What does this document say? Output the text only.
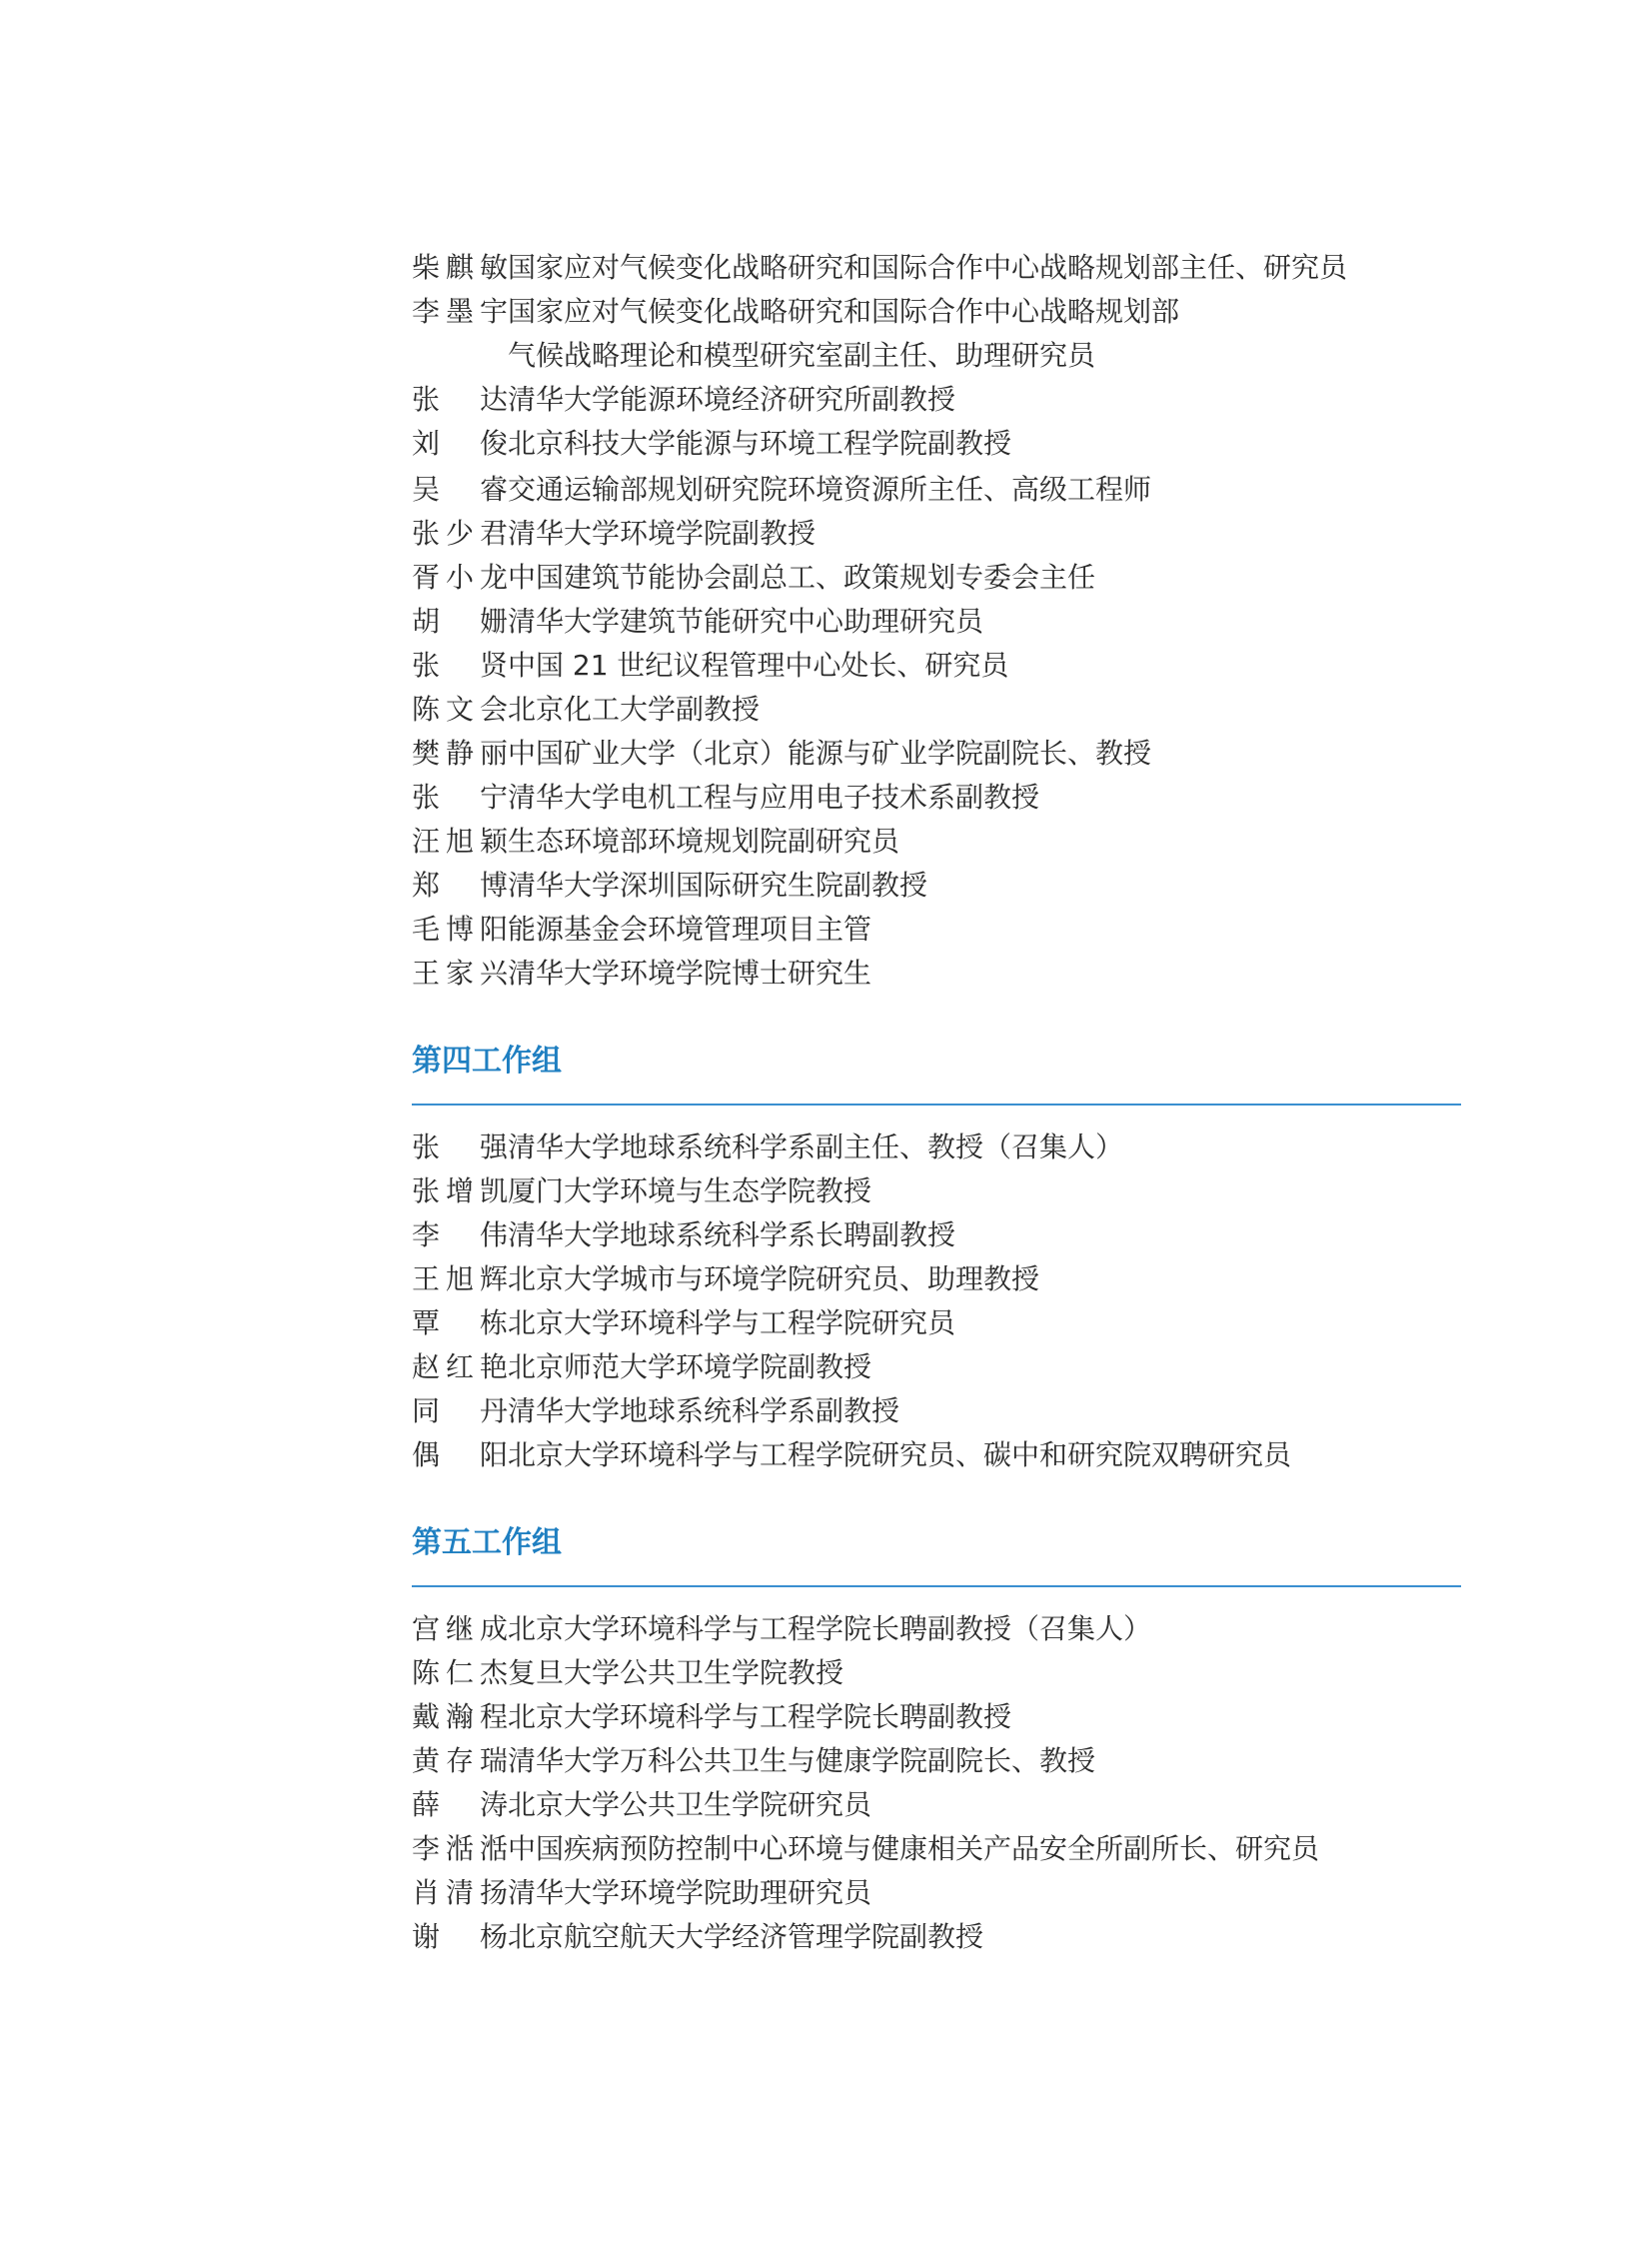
柴麒敏 国家应对气候变化战略研究和国际合作中心战略规划部主任、研究员
李墨宇 国家应对气候变化战略研究和国际合作中心战略规划部
气候战略理论和模型研究室副主任、助理研究员
张　达 清华大学能源环境经济研究所副教授
刘　俊 北京科技大学能源与环境工程学院副教授
吴　睿 交通运输部规划研究院环境资源所主任、高级工程师
张少君 清华大学环境学院副教授
胥小龙 中国建筑节能协会副总工、政策规划专委会主任
胡　姗 清华大学建筑节能研究中心助理研究员
张　贤 中国 21 世纪议程管理中心处长、研究员
陈文会 北京化工大学副教授
樊静丽 中国矿业大学（北京）能源与矿业学院副院长、教授
张　宁 清华大学电机工程与应用电子技术系副教授
汪旭颖 生态环境部环境规划院副研究员
郑　博 清华大学深圳国际研究生院副教授
毛博阳 能源基金会环境管理项目主管
王家兴 清华大学环境学院博士研究生
第四工作组
张　强 清华大学地球系统科学系副主任、教授（召集人）
张增凯 厦门大学环境与生态学院教授
李　伟 清华大学地球系统科学系长聘副教授
王旭辉 北京大学城市与环境学院研究员、助理教授
覃　栋 北京大学环境科学与工程学院研究员
赵红艳 北京师范大学环境学院副教授
同　丹 清华大学地球系统科学系副教授
偶　阳 北京大学环境科学与工程学院研究员、碳中和研究院双聘研究员
第五工作组
宫继成 北京大学环境科学与工程学院长聘副教授（召集人）
陈仁杰 复旦大学公共卫生学院教授
戴瀚程 北京大学环境科学与工程学院长聘副教授
黄存瑞 清华大学万科公共卫生与健康学院副院长、教授
薛　涛 北京大学公共卫生学院研究员
李湉湉 中国疾病预防控制中心环境与健康相关产品安全所副所长、研究员
肖清扬 清华大学环境学院助理研究员
谢　杨 北京航空航天大学经济管理学院副教授
